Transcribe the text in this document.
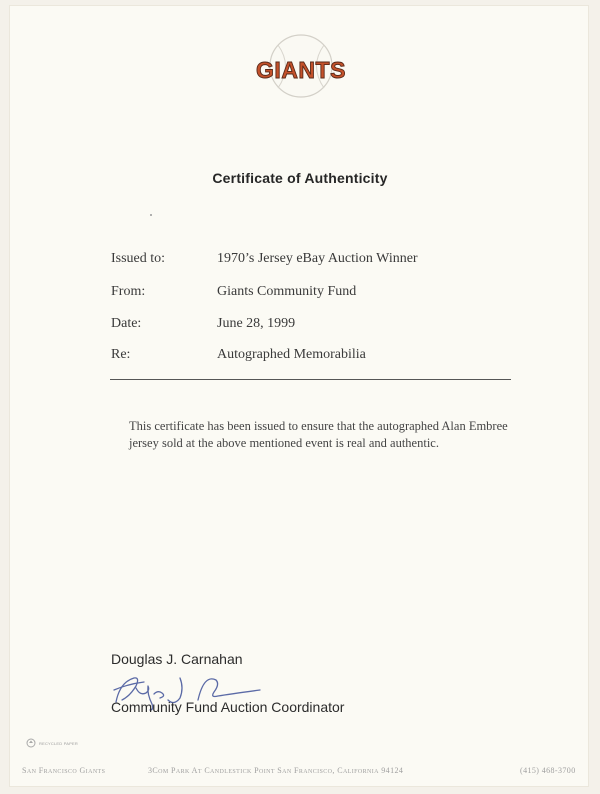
GIANTS
Certificate of Authenticity
Issued to:	1970’s Jersey eBay Auction Winner
From:	Giants Community Fund
Date:	June 28, 1999
Re:	Autographed Memorabilia
This certificate has been issued to ensure that the autographed Alan Embree jersey sold at the above mentioned event is real and authentic.
Douglas J. Carnahan
Community Fund Auction Coordinator
RECYCLED PAPER
San Francisco Giants	3Com Park At Candlestick Point San Francisco, California 94124	(415) 468-3700
